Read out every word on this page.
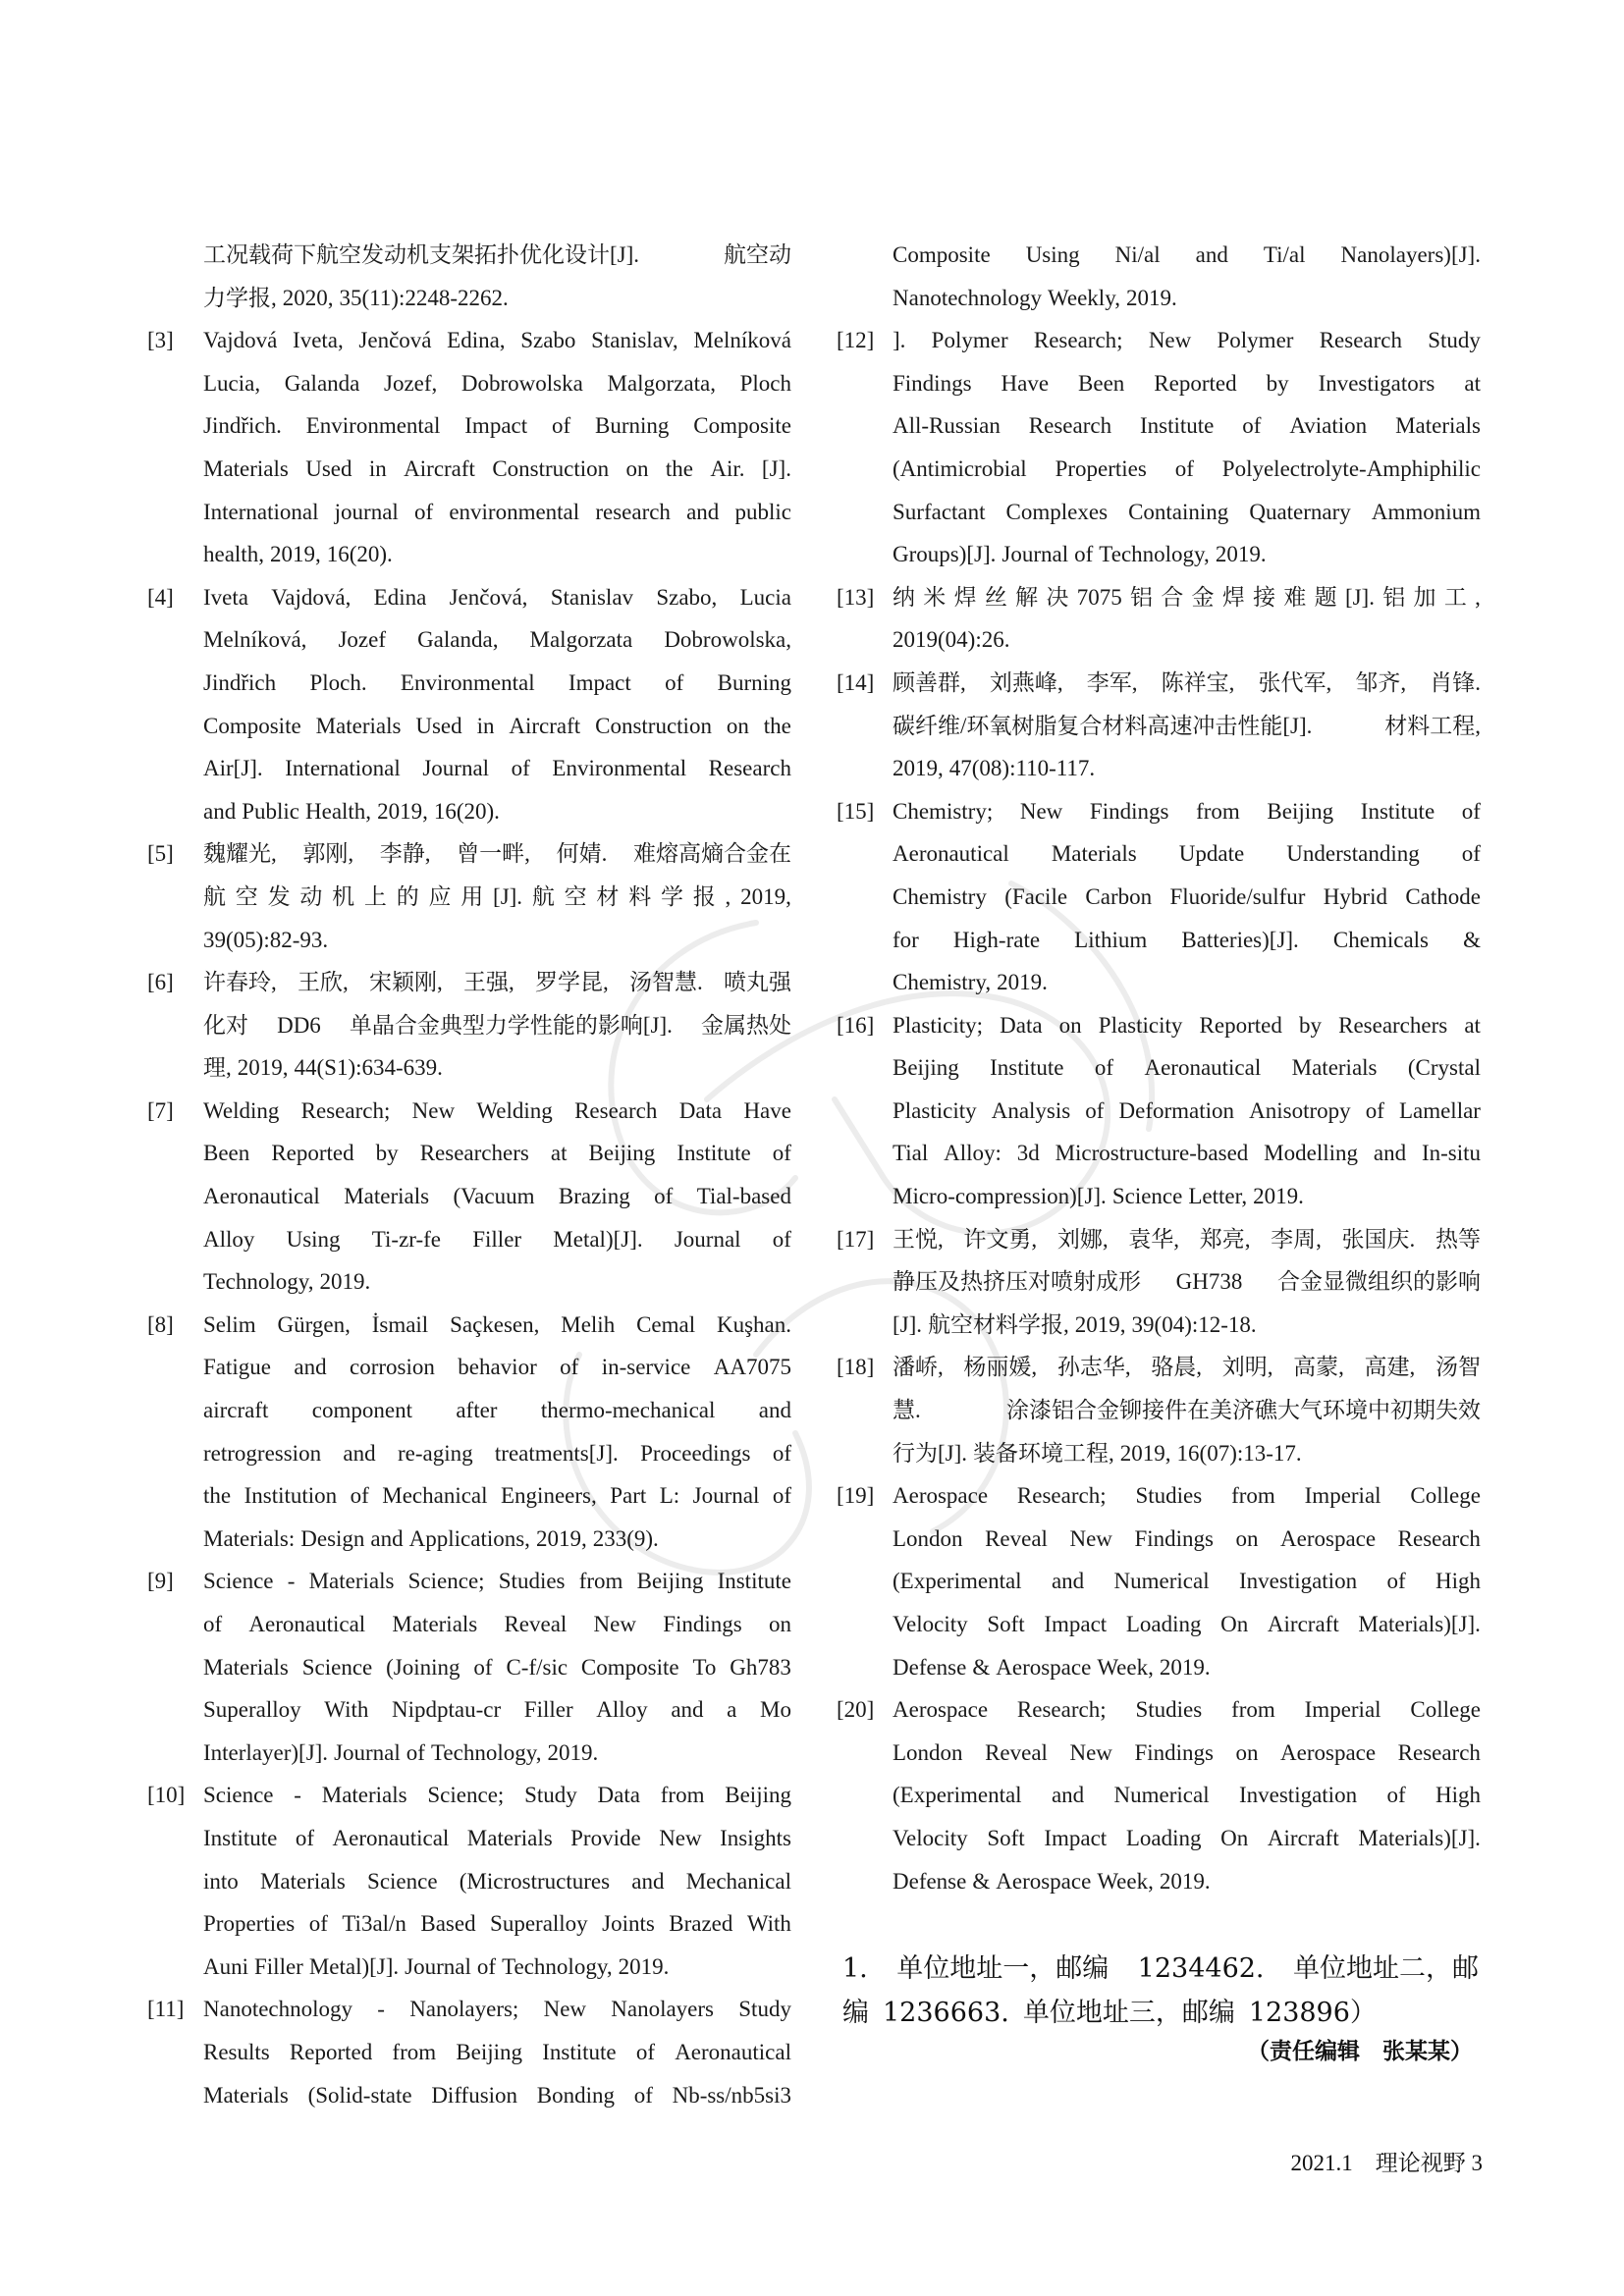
工况载荷下航空发动机支架拓扑优化设计[J].	航空动
力学报, 2020, 35(11):2248-2262.
[3] Vajdová Iveta, Jenčová Edina, Szabo Stanislav, Melníková
Lucia, Galanda Jozef, Dobrowolska Malgorzata, Ploch
Jindřich. Environmental Impact of Burning Composite
Materials Used in Aircraft Construction on the Air. [J].
International journal of environmental research and public
health, 2019, 16(20).
[4] Iveta Vajdová, Edina Jenčová, Stanislav Szabo, Lucia
Melníková, Jozef Galanda, Malgorzata Dobrowolska,
Jindřich Ploch. Environmental Impact of Burning
Composite Materials Used in Aircraft Construction on the
Air[J]. International Journal of Environmental Research
and Public Health, 2019, 16(20).
[5] 魏耀光, 郭刚, 李静, 曾一畔, 何婧. 难熔高熵合金在
航 空 发 动 机 上 的 应 用 [J]. 航 空 材 料 学 报 , 2019,
39(05):82-93.
[6] 许春玲, 王欣, 宋颖刚, 王强, 罗学昆, 汤智慧. 喷丸强
化对 DD6 单晶合金典型力学性能的影响[J]. 金属热处
理, 2019, 44(S1):634-639.
[7] Welding Research; New Welding Research Data Have
Been Reported by Researchers at Beijing Institute of
Aeronautical Materials (Vacuum Brazing of Tial-based
Alloy Using Ti-zr-fe Filler Metal)[J]. Journal of
Technology, 2019.
[8] Selim Gürgen, İsmail Saçkesen, Melih Cemal Kuşhan.
Fatigue and corrosion behavior of in-service AA7075
aircraft component after thermo-mechanical and
retrogression and re-aging treatments[J]. Proceedings of
the Institution of Mechanical Engineers, Part L: Journal of
Materials: Design and Applications, 2019, 233(9).
[9] Science - Materials Science; Studies from Beijing Institute
of Aeronautical Materials Reveal New Findings on
Materials Science (Joining of C-f/sic Composite To Gh783
Superalloy With Nipdptau-cr Filler Alloy and a Mo
Interlayer)[J]. Journal of Technology, 2019.
[10] Science - Materials Science; Study Data from Beijing
Institute of Aeronautical Materials Provide New Insights
into Materials Science (Microstructures and Mechanical
Properties of Ti3al/n Based Superalloy Joints Brazed With
Auni Filler Metal)[J]. Journal of Technology, 2019.
[11] Nanotechnology - Nanolayers; New Nanolayers Study
Results Reported from Beijing Institute of Aeronautical
Materials (Solid-state Diffusion Bonding of Nb-ss/nb5si3
Composite Using Ni/al and Ti/al Nanolayers)[J].
Nanotechnology Weekly, 2019.
[12] ]. Polymer Research; New Polymer Research Study
Findings Have Been Reported by Investigators at
All-Russian Research Institute of Aviation Materials
(Antimicrobial Properties of Polyelectrolyte-Amphiphilic
Surfactant Complexes Containing Quaternary Ammonium
Groups)[J]. Journal of Technology, 2019.
[13] 纳 米 焊 丝 解 决 7075 铝 合 金 焊 接 难 题 [J]. 铝 加 工 ,
2019(04):26.
[14] 顾善群, 刘燕峰, 李军, 陈祥宝, 张代军, 邹齐, 肖锋.
碳纤维/环氧树脂复合材料高速冲击性能[J].	材料工程,
2019, 47(08):110-117.
[15] Chemistry; New Findings from Beijing Institute of
Aeronautical Materials Update Understanding of
Chemistry (Facile Carbon Fluoride/sulfur Hybrid Cathode
for High-rate Lithium Batteries)[J]. Chemicals &
Chemistry, 2019.
[16] Plasticity; Data on Plasticity Reported by Researchers at
Beijing Institute of Aeronautical Materials (Crystal
Plasticity Analysis of Deformation Anisotropy of Lamellar
Tial Alloy: 3d Microstructure-based Modelling and In-situ
Micro-compression)[J]. Science Letter, 2019.
[17] 王悦, 许文勇, 刘娜, 袁华, 郑亮, 李周, 张国庆. 热等
静压及热挤压对喷射成形 GH738 合金显微组织的影响
[J]. 航空材料学报, 2019, 39(04):12-18.
[18] 潘峤, 杨丽媛, 孙志华, 骆晨, 刘明, 高蒙, 高建, 汤智
慧.	涂漆铝合金铆接件在美济礁大气环境中初期失效
行为[J]. 装备环境工程, 2019, 16(07):13-17.
[19] Aerospace Research; Studies from Imperial College
London Reveal New Findings on Aerospace Research
(Experimental and Numerical Investigation of High
Velocity Soft Impact Loading On Aircraft Materials)[J].
Defense & Aerospace Week, 2019.
[20] Aerospace Research; Studies from Imperial College
London Reveal New Findings on Aerospace Research
(Experimental and Numerical Investigation of High
Velocity Soft Impact Loading On Aircraft Materials)[J].
Defense & Aerospace Week, 2019.
1. 单位地址一，邮编 1234462. 单位地址二，邮
编 1236663. 单位地址三，邮编 123896）
（责任编辑　张某某）
2021.1 理论视野 3
